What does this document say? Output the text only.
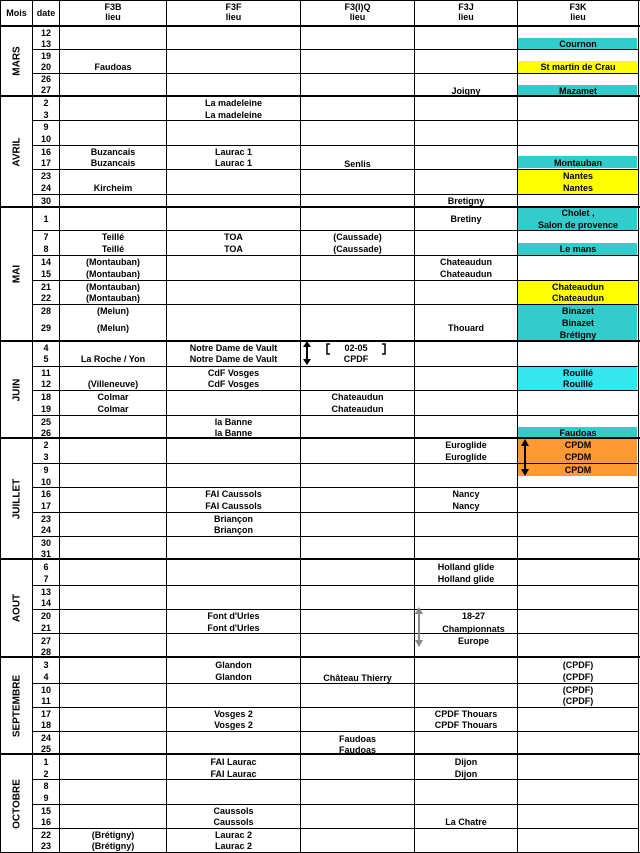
Mois	date
F3B
lieu
F3F
lieu
F3(I)Q
lieu
F3J
lieu
F3K
lieu
MARS
AVRIL
MAI
JUIN
JUILLET
AOUT
SEPTEMBRE
OCTOBRE
12
13
19
20
26
27
2
3
9
10
16
17
23
24
30
1
7
8
14
15
21
22
28
29
4
5
11
12
18
19
25
26
2
3
9
10
16
17
23
24
30
31
6
7
13
14
20
21
27
28
3
4
10
11
17
18
24
25
1
2
8
9
15
16
22
23
Faudoas
Buzancais
Buzancais
Kircheim
Teillé
Teillé
(Montauban)
(Montauban)
(Montauban)
(Montauban)
(Melun)
(Melun)
La Roche / Yon
(Villeneuve)
Colmar
Colmar
(Brétigny)
(Brétigny)
La madeleine
La madeleine
Laurac 1
Laurac 1
TOA
TOA
Notre Dame de Vault
Notre Dame de Vault
CdF Vosges
CdF Vosges
la Banne
la Banne
FAI Caussols
FAI Caussols
Briançon
Briançon
Font d'Urles
Font d'Urles
Glandon
Glandon
Vosges 2
Vosges 2
FAI Laurac
FAI Laurac
Caussols
Caussols
Laurac 2
Laurac 2
Senlis
(Caussade)
(Caussade)
02-05
CPDF
Chateaudun
Chateaudun
Château Thierry
Faudoas
Faudoas
Joigny
Bretigny
Bretiny
Chateaudun
Chateaudun
Thouard
Euroglide
Euroglide
Nancy
Nancy
Holland glide
Holland glide
18-27
Championnats
Europe
CPDF Thouars
CPDF Thouars
Dijon
Dijon
La Chatre
Cournon
St martin de Crau
Mazamet
Montauban
Nantes
Nantes
Cholet ,
Salon de provence
Le mans
Chateaudun
Chateaudun
Binazet
Binazet
Brétigny
Rouillé
Rouillé
Faudoas
CPDM
CPDM
CPDM
(CPDF)
(CPDF)
(CPDF)
(CPDF)
